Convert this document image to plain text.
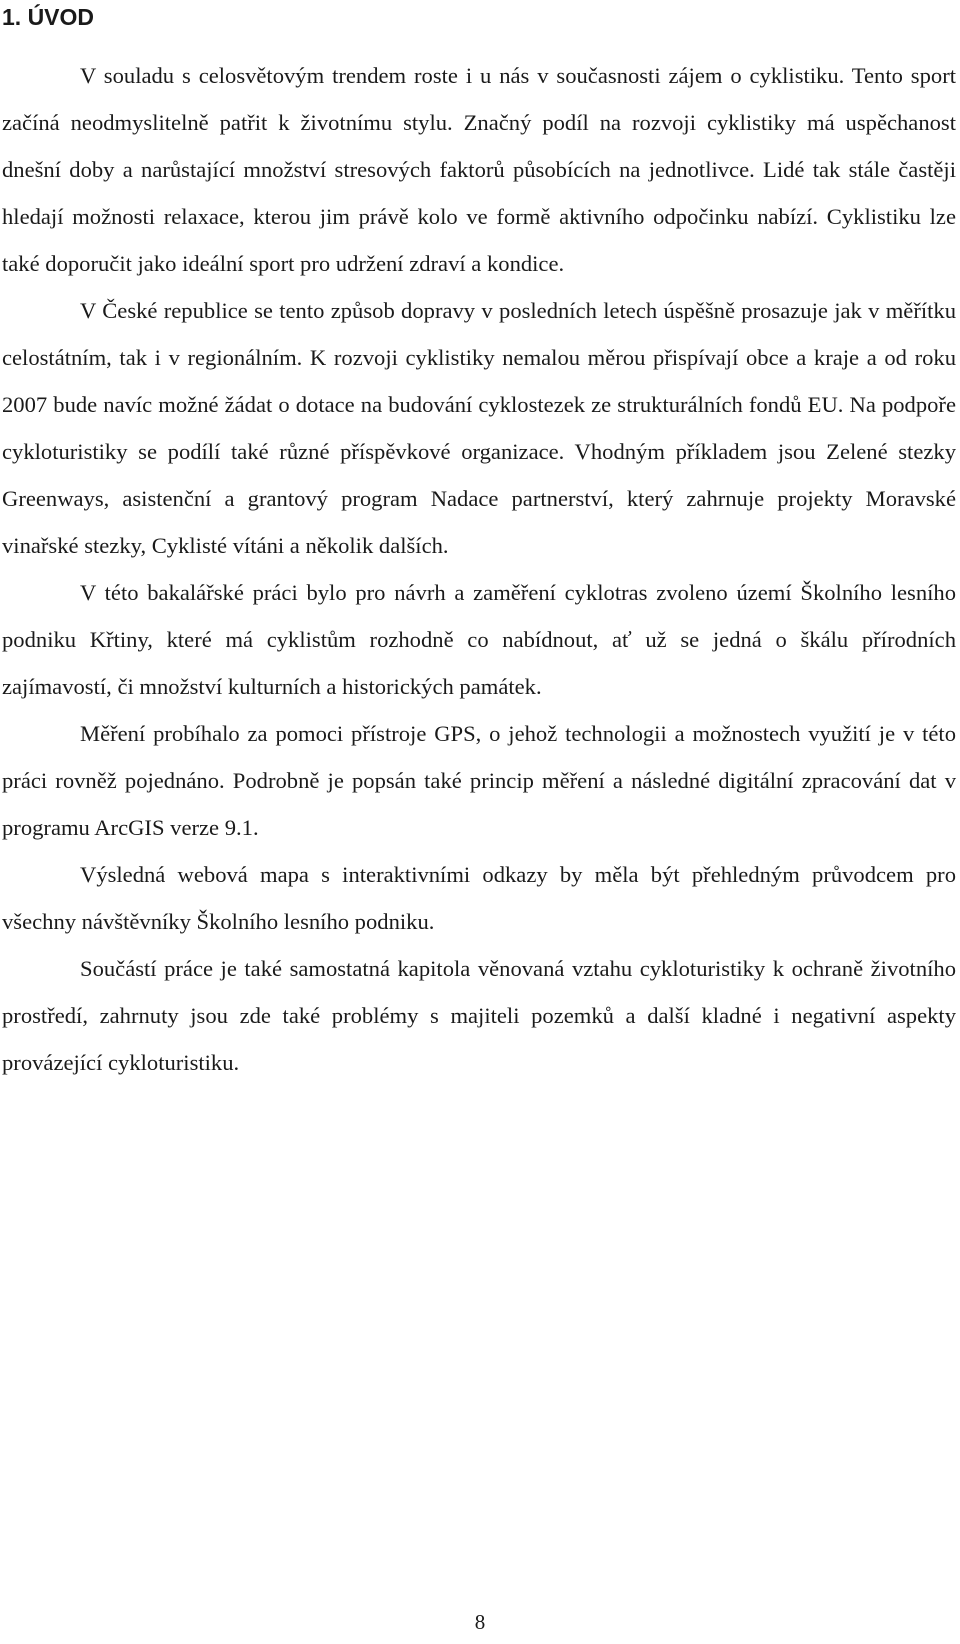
1. ÚVOD

V souladu s celosvětovým trendem roste i u nás v současnosti zájem o cyklistiku. Tento sport začíná neodmyslitelně patřit k životnímu stylu. Značný podíl na rozvoji cyklistiky má uspěchanost dnešní doby a narůstající množství stresových faktorů působících na jednotlivce. Lidé tak stále častěji hledají možnosti relaxace, kterou jim právě kolo ve formě aktivního odpočinku nabízí. Cyklistiku lze také doporučit jako ideální sport pro udržení zdraví a kondice.

V České republice se tento způsob dopravy v posledních letech úspěšně prosazuje jak v měřítku celostátním, tak i v regionálním. K rozvoji cyklistiky nemalou měrou přispívají obce a kraje a od roku 2007 bude navíc možné žádat o dotace na budování cyklostezek ze strukturálních fondů EU. Na podpoře cykloturistiky se podílí také různé příspěvkové organizace. Vhodným příkladem jsou Zelené stezky Greenways, asistenční a grantový program Nadace partnerství, který zahrnuje projekty Moravské vinařské stezky, Cyklisté vítáni a několik dalších.

V této bakalářské práci bylo pro návrh a zaměření cyklotras zvoleno území Školního lesního podniku Křtiny, které má cyklistům rozhodně co nabídnout, ať už se jedná o škálu přírodních zajímavostí, či množství kulturních a historických památek.

Měření probíhalo za pomoci přístroje GPS, o jehož technologii a možnostech využití je v této práci rovněž pojednáno. Podrobně je popsán také princip měření a následné digitální zpracování dat v programu ArcGIS verze 9.1.

Výsledná webová mapa s interaktivními odkazy by měla být přehledným průvodcem pro všechny návštěvníky Školního lesního podniku.

Součástí práce je také samostatná kapitola věnovaná vztahu cykloturistiky k ochraně životního prostředí, zahrnuty jsou zde také problémy s majiteli pozemků a další kladné i negativní aspekty provázející cykloturistiku.

8
